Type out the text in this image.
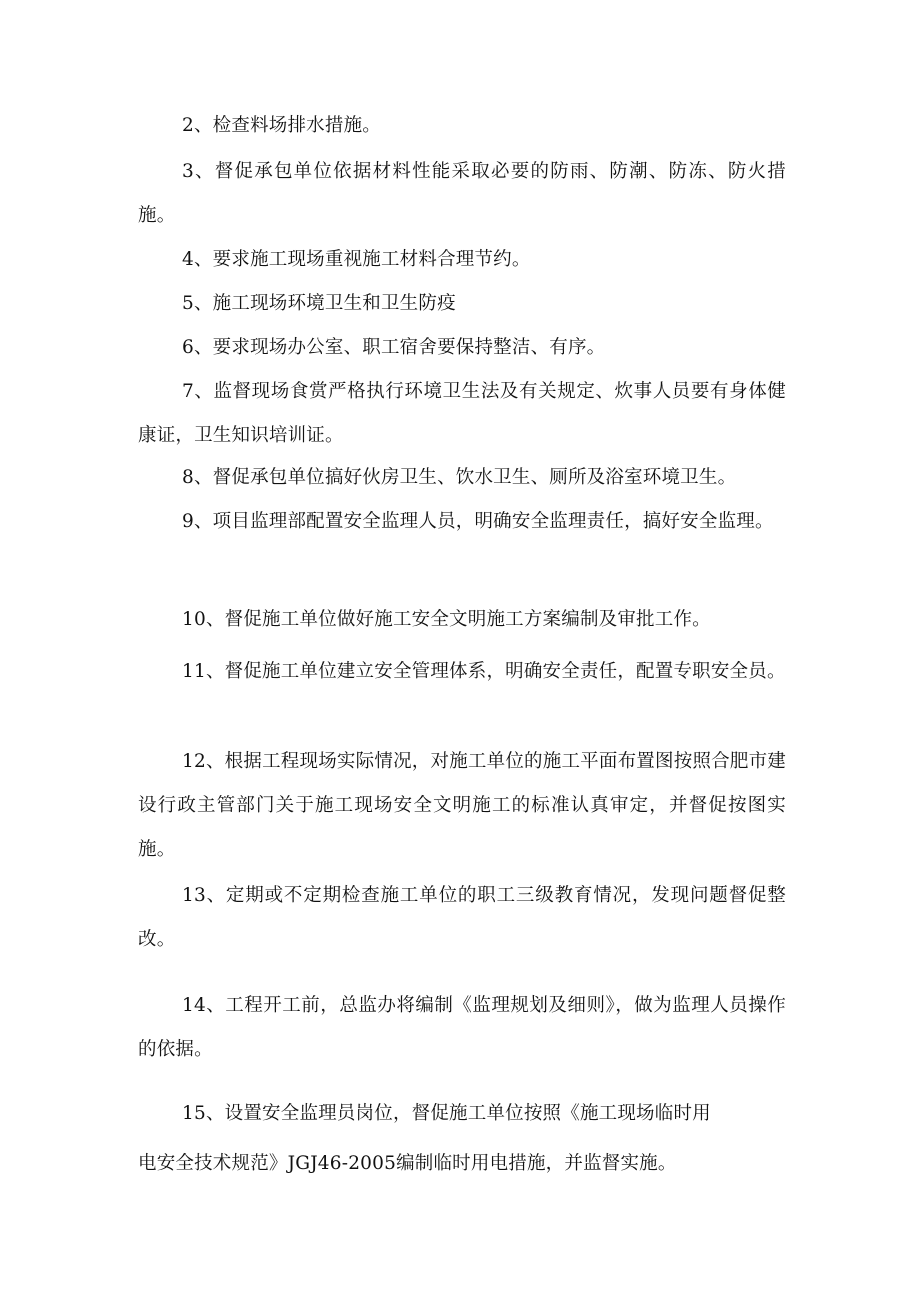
2、检查料场排水措施。

3、督促承包单位依据材料性能采取必要的防雨、防潮、防冻、防火措施。

4、要求施工现场重视施工材料合理节约。

5、施工现场环境卫生和卫生防疫

6、要求现场办公室、职工宿舍要保持整洁、有序。

7、监督现场食赏严格执行环境卫生法及有关规定、炊事人员要有身体健康证，卫生知识培训证。

8、督促承包单位搞好伙房卫生、饮水卫生、厕所及浴室环境卫生。

9、项目监理部配置安全监理人员，明确安全监理责任，搞好安全监理。

10、督促施工单位做好施工安全文明施工方案编制及审批工作。

11、督促施工单位建立安全管理体系，明确安全责任，配置专职安全员。

12、根据工程现场实际情况，对施工单位的施工平面布置图按照合肥市建设行政主管部门关于施工现场安全文明施工的标准认真审定，并督促按图实施。

13、定期或不定期检查施工单位的职工三级教育情况，发现问题督促整改。

14、工程开工前，总监办将编制《监理规划及细则》，做为监理人员操作的依据。

15、设置安全监理员岗位，督促施工单位按照《施工现场临时用

电安全技术规范》JGJ46-2005编制临时用电措施，并监督实施。
